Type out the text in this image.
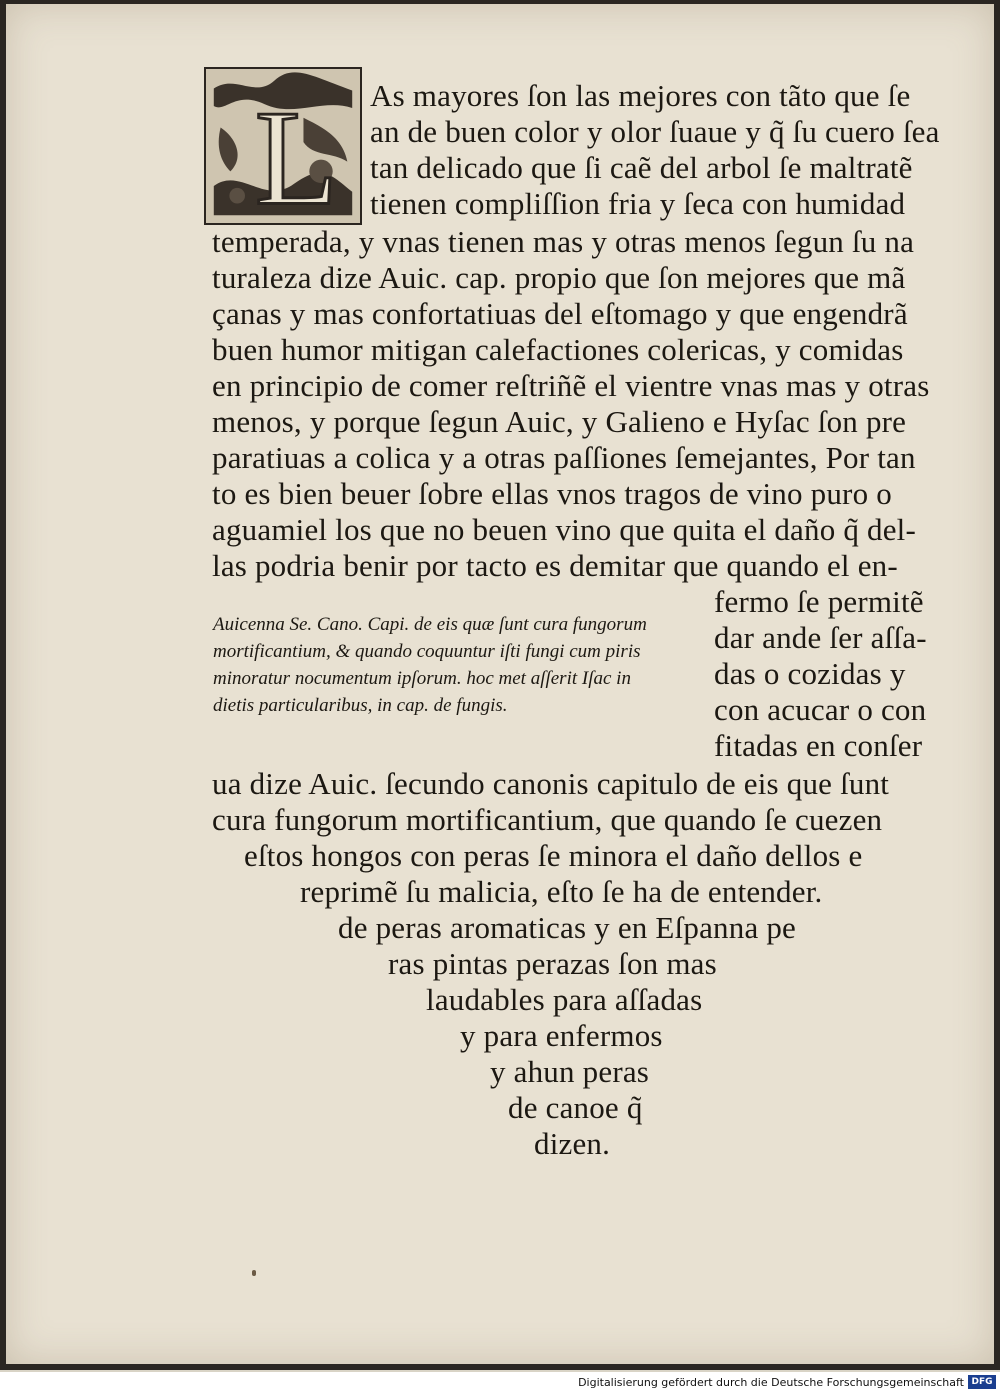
L As mayores ſon las mejores con tãto que ſe
an de buen color y olor ſuaue y q̃ ſu cuero ſea
tan delicado que ſi caẽ del arbol ſe maltratẽ
tienen compliſſion fria y ſeca con humidad
temperada, y vnas tienen mas y otras menos ſegun ſu na
turaleza dize Auic. cap. propio que ſon mejores que mã
çanas y mas confortatiuas del eſtomago y que engendrã
buen humor mitigan calefactiones colericas, y comidas
en principio de comer reſtriñẽ el vientre vnas mas y otras
menos, y porque ſegun Auic, y Galieno e Hyſac ſon pre
paratiuas a colica y a otras paſſiones ſemejantes, Por tan
to es bien beuer ſobre ellas vnos tragos de vino puro o
aguamiel los que no beuen vino que quita el daño q̃ del-
las podria benir por tacto es demitar que quando el en-
fermo ſe permitẽ
dar ande ſer aſſa-
das o cozidas y
con acucar o con
fitadas en conſer
Auicenna Se. Cano. Capi. de eis quæ ſunt cura fungorum
mortificantium, & quando coquuntur iſti fungi cum piris
minoratur nocumentum ipſorum. hoc met aſſerit Iſac in
dietis particularibus, in cap. de fungis.
ua dize Auic. ſecundo canonis capitulo de eis que ſunt
cura fungorum mortificantium, que quando ſe cuezen
eſtos hongos con peras ſe minora el daño dellos e
reprimẽ ſu malicia, eſto ſe ha de entender.
de peras aromaticas y en Eſpanna pe
ras pintas perazas ſon mas
laudables para aſſadas
y para enfermos
y ahun peras
de canoe q̃
dizen.
Digitalisierung gefördert durch die Deutsche Forschungsgemeinschaft DFG
